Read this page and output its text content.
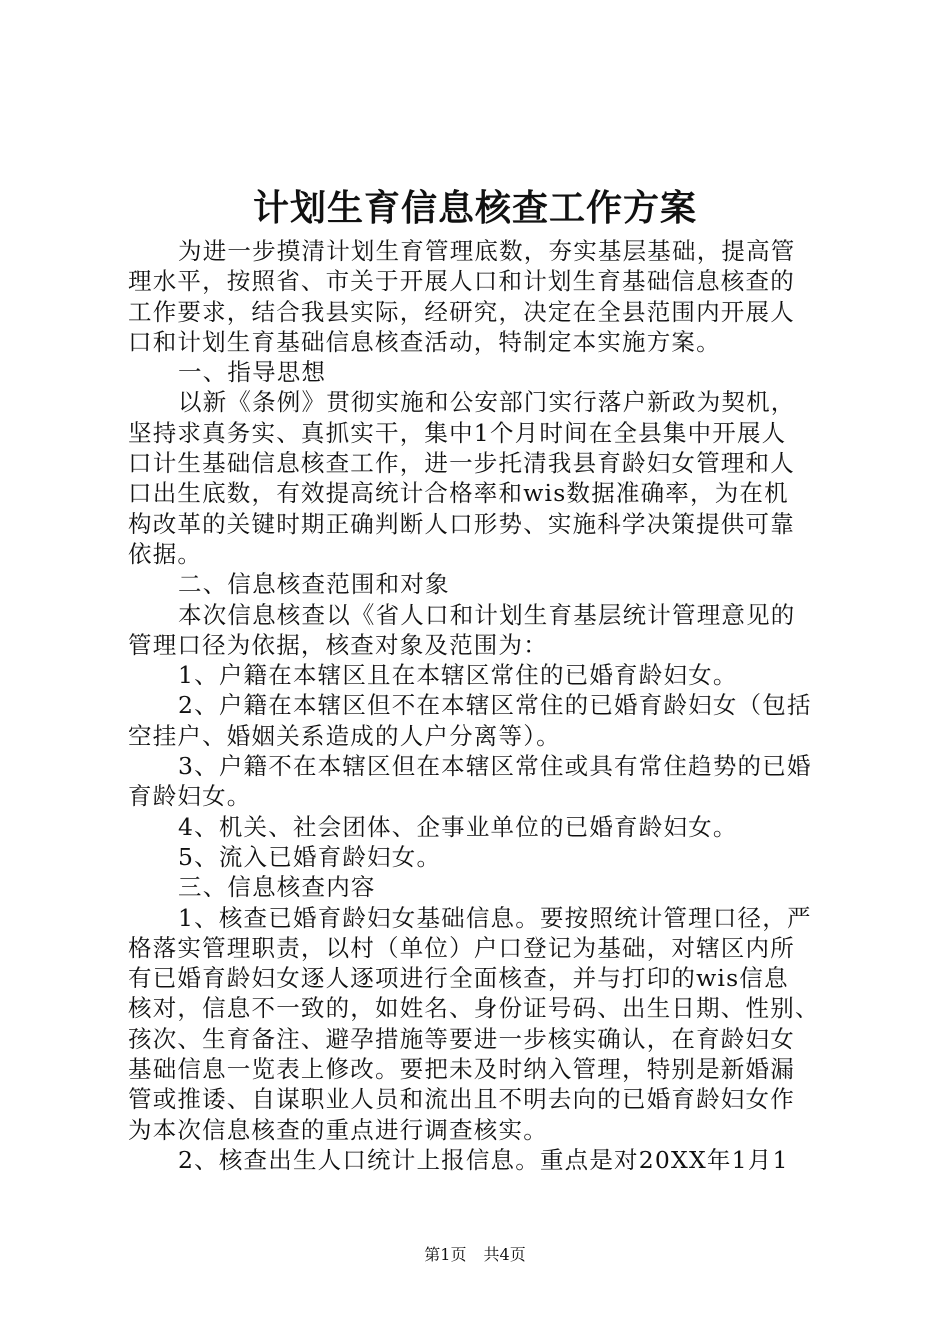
计划生育信息核查工作方案
为进一步摸清计划生育管理底数，夯实基层基础，提高管
理水平，按照省、市关于开展人口和计划生育基础信息核查的
工作要求，结合我县实际，经研究，决定在全县范围内开展人
口和计划生育基础信息核查活动，特制定本实施方案。
一、指导思想
以新《条例》贯彻实施和公安部门实行落户新政为契机，
坚持求真务实、真抓实干，集中1个月时间在全县集中开展人
口计生基础信息核查工作，进一步托清我县育龄妇女管理和人
口出生底数，有效提高统计合格率和wis数据准确率，为在机
构改革的关键时期正确判断人口形势、实施科学决策提供可靠
依据。
二、信息核查范围和对象
本次信息核查以《省人口和计划生育基层统计管理意见的
管理口径为依据，核查对象及范围为：
1、户籍在本辖区且在本辖区常住的已婚育龄妇女。
2、户籍在本辖区但不在本辖区常住的已婚育龄妇女（包括
空挂户、婚姻关系造成的人户分离等）。
3、户籍不在本辖区但在本辖区常住或具有常住趋势的已婚
育龄妇女。
4、机关、社会团体、企事业单位的已婚育龄妇女。
5、流入已婚育龄妇女。
三、信息核查内容
1、核查已婚育龄妇女基础信息。要按照统计管理口径，严
格落实管理职责，以村（单位）户口登记为基础，对辖区内所
有已婚育龄妇女逐人逐项进行全面核查，并与打印的wis信息
核对，信息不一致的，如姓名、身份证号码、出生日期、性别、
孩次、生育备注、避孕措施等要进一步核实确认，在育龄妇女
基础信息一览表上修改。要把未及时纳入管理，特别是新婚漏
管或推诿、自谋职业人员和流出且不明去向的已婚育龄妇女作
为本次信息核查的重点进行调查核实。
2、核查出生人口统计上报信息。重点是对20XX年1月1
第1页 共4页
